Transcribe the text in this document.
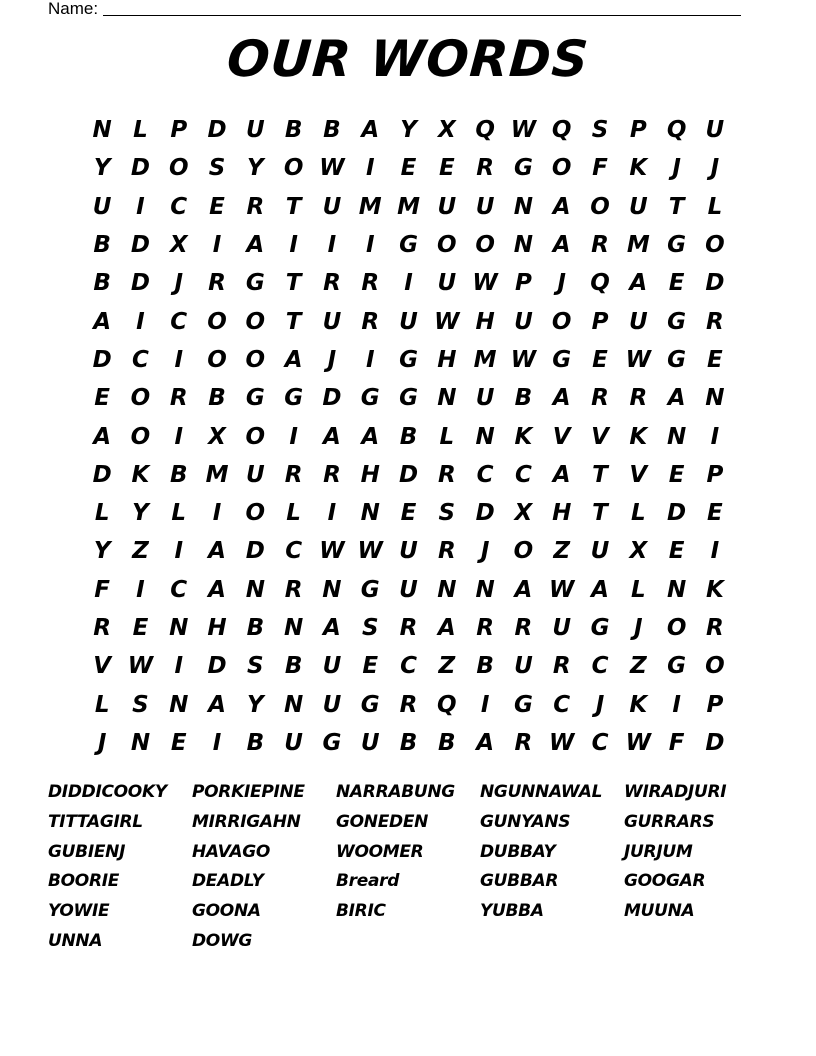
Name:
OUR WORDS
N L P D U B B A Y X Q W Q S P Q U
Y D O S Y O W I	E E R G O F K	J	J
U	I	C E R T U M M U U N A O U T	L
B D X	I	A	I	I	I	G O O N A R M G O
B D	J	R G T R R	I	U W P	J	Q A E D
A	I	C O O T U R U W H U O P U G R
D C	I	O O A	J	I	G H M W G E W G E
E O R B G G D G G N U B A R R A N
A O	I	X O	I	A A B L N K V V K N	I
D K B M U R R H D R C C A T V E P
L Y L	I	O L	I	N E S D X H T	L D E
Y Z	I	A D C W W U R	J	O Z U X E	I
F	I	C A N R N G U N N A W A L N K
R E N H B N A S R A R R U G	J	O R
V W I	D S B U E C Z B U R C Z G O
L S N A Y N U G R Q	I	G C	J	K	I	P
J	N E	I	B U G U B B A R W C W F D
DIDDICOOKY	PORKIEPINE	NARRABUNG	NGUNNAWAL	WIRADJURI
TITTAGIRL	MIRRIGAHN	GONEDEN	GUNYANS	GURRARS
GUBIENJ	HAVAGO	WOOMER	DUBBAY	JURJUM
BOORIE	DEADLY	Breard	GUBBAR	GOOGAR
YOWIE	GOONA	BIRIC	YUBBA	MUUNA
UNNA	DOWG
